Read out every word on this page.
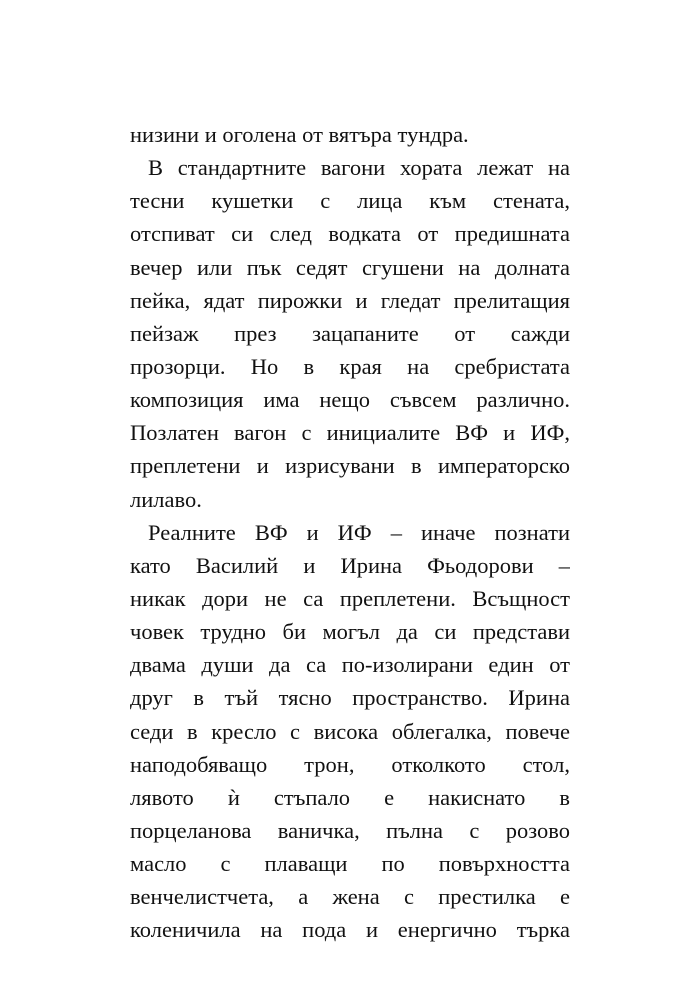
низини и оголена от вятъра тундра.
В стандартните вагони хората лежат на
тесни кушетки с лица към стената,
отспиват си след водката от предишната
вечер или пък седят сгушени на долната
пейка, ядат пирожки и гледат прелитащия
пейзаж през зацапаните от сажди
прозорци. Но в края на сребристата
композиция има нещо съвсем различно.
Позлатен вагон с инициалите ВФ и ИФ,
преплетени и изрисувани в императорско
лилаво.
Реалните ВФ и ИФ – иначе познати
като Василий и Ирина Фьодорови –
никак дори не са преплетени. Всъщност
човек трудно би могъл да си представи
двама души да са по-изолирани един от
друг в тъй тясно пространство. Ирина
седи в кресло с висока облегалка, повече
наподобяващо трон, отколкото стол,
лявото ѝ стъпало е накиснато в
порцеланова ваничка, пълна с розово
масло с плаващи по повърхността
венчелистчета, а жена с престилка е
коленичила на пода и енергично търка
